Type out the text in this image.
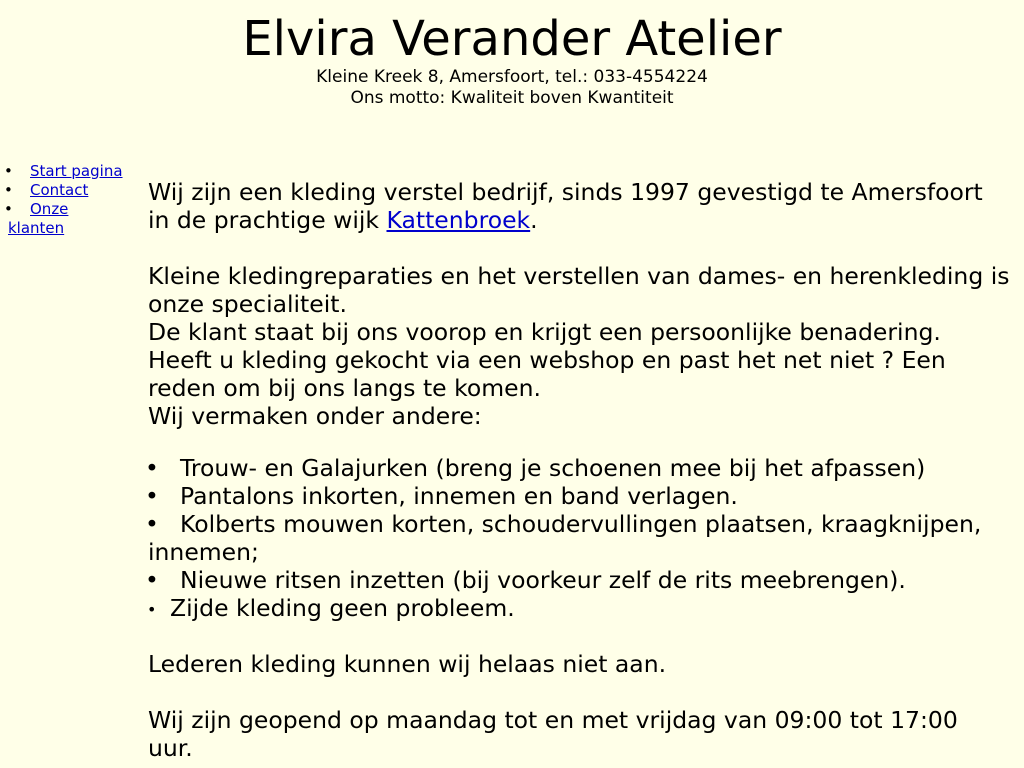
Elvira Verander Atelier
Kleine Kreek 8, Amersfoort, tel.: 033-4554224
Ons motto: Kwaliteit boven Kwantiteit
• Start pagina
• Contact
• Onze
klanten
Wij zijn een kleding verstel bedrijf, sinds 1997 gevestigd te Amersfoort
in de prachtige wijk Kattenbroek.
Kleine kledingreparaties en het verstellen van dames- en herenkleding is
onze specialiteit.
De klant staat bij ons voorop en krijgt een persoonlijke benadering.
Heeft u kleding gekocht via een webshop en past het net niet ? Een
reden om bij ons langs te komen.
Wij vermaken onder andere:
• Trouw- en Galajurken (breng je schoenen mee bij het afpassen)
• Pantalons inkorten, innemen en band verlagen.
• Kolberts mouwen korten, schoudervullingen plaatsen, kraagknijpen,
innemen;
• Nieuwe ritsen inzetten (bij voorkeur zelf de rits meebrengen).
• Zijde kleding geen probleem.
Lederen kleding kunnen wij helaas niet aan.
Wij zijn geopend op maandag tot en met vrijdag van 09:00 tot 17:00
uur.
